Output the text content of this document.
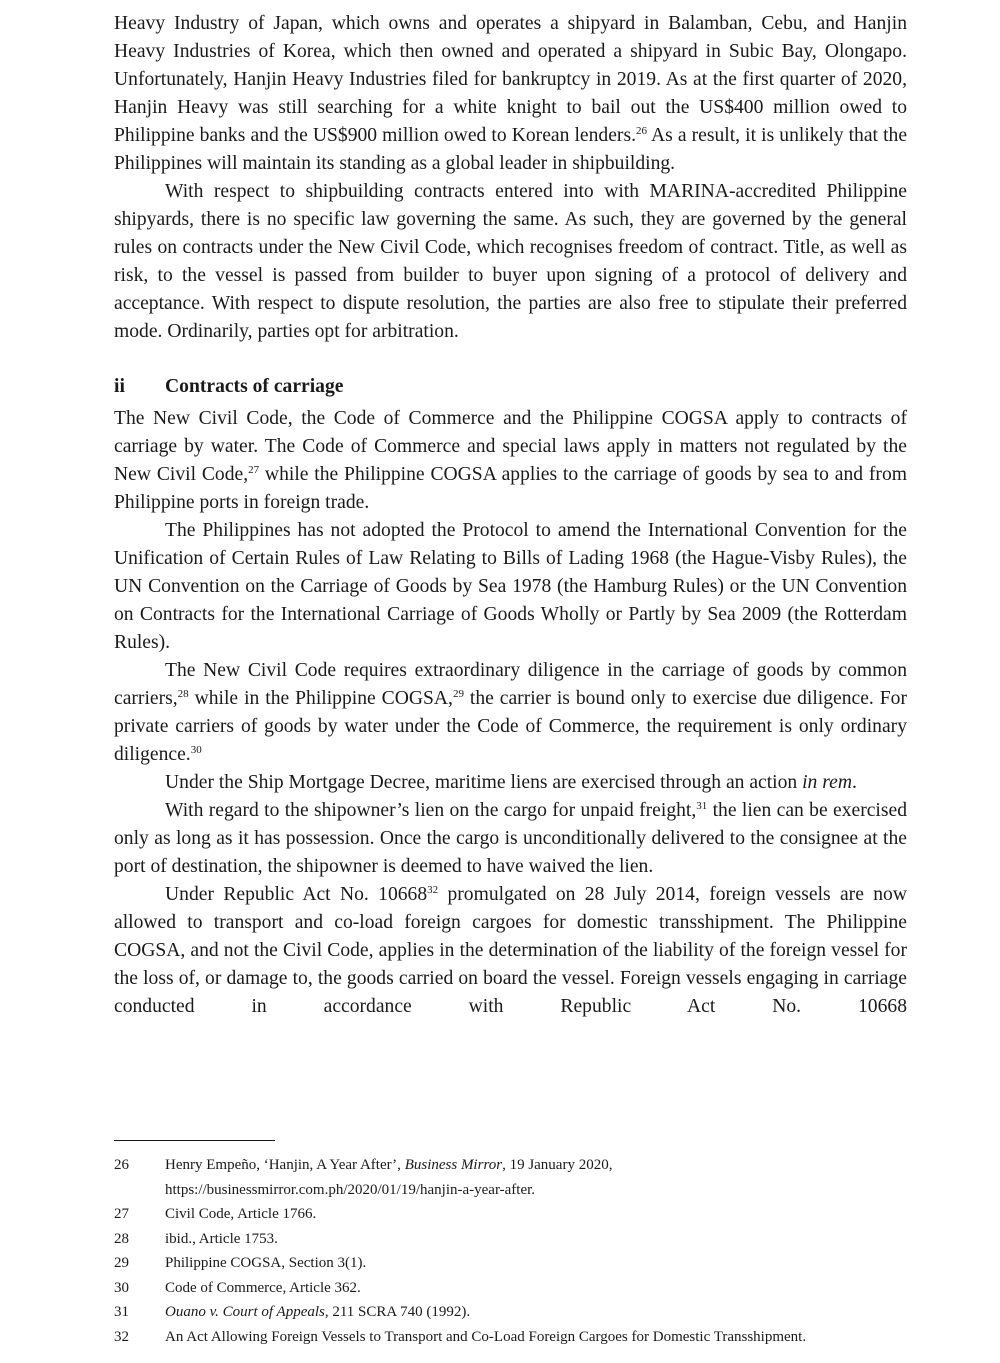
Heavy Industry of Japan, which owns and operates a shipyard in Balamban, Cebu, and Hanjin Heavy Industries of Korea, which then owned and operated a shipyard in Subic Bay, Olongapo. Unfortunately, Hanjin Heavy Industries filed for bankruptcy in 2019. As at the first quarter of 2020, Hanjin Heavy was still searching for a white knight to bail out the US$400 million owed to Philippine banks and the US$900 million owed to Korean lenders.$^{26}$ As a result, it is unlikely that the Philippines will maintain its standing as a global leader in shipbuilding.

With respect to shipbuilding contracts entered into with MARINA-accredited Philippine shipyards, there is no specific law governing the same. As such, they are governed by the general rules on contracts under the New Civil Code, which recognises freedom of contract. Title, as well as risk, to the vessel is passed from builder to buyer upon signing of a protocol of delivery and acceptance. With respect to dispute resolution, the parties are also free to stipulate their preferred mode. Ordinarily, parties opt for arbitration.

ii	Contracts of carriage

The New Civil Code, the Code of Commerce and the Philippine COGSA apply to contracts of carriage by water. The Code of Commerce and special laws apply in matters not regulated by the New Civil Code,$^{27}$ while the Philippine COGSA applies to the carriage of goods by sea to and from Philippine ports in foreign trade.

The Philippines has not adopted the Protocol to amend the International Convention for the Unification of Certain Rules of Law Relating to Bills of Lading 1968 (the Hague-Visby Rules), the UN Convention on the Carriage of Goods by Sea 1978 (the Hamburg Rules) or the UN Convention on Contracts for the International Carriage of Goods Wholly or Partly by Sea 2009 (the Rotterdam Rules).

The New Civil Code requires extraordinary diligence in the carriage of goods by common carriers,$^{28}$ while in the Philippine COGSA,$^{29}$ the carrier is bound only to exercise due diligence. For private carriers of goods by water under the Code of Commerce, the requirement is only ordinary diligence.$^{30}$

Under the Ship Mortgage Decree, maritime liens are exercised through an action in rem.

With regard to the shipowner’s lien on the cargo for unpaid freight,$^{31}$ the lien can be exercised only as long as it has possession. Once the cargo is unconditionally delivered to the consignee at the port of destination, the shipowner is deemed to have waived the lien.

Under Republic Act No. 10668$^{32}$ promulgated on 28 July 2014, foreign vessels are now allowed to transport and co-load foreign cargoes for domestic transshipment. The Philippine COGSA, and not the Civil Code, applies in the determination of the liability of the foreign vessel for the loss of, or damage to, the goods carried on board the vessel. Foreign vessels engaging in carriage conducted in accordance with Republic Act No. 10668

26	Henry Empeño, ‘Hanjin, A Year After’, Business Mirror, 19 January 2020, https://businessmirror.com.ph/2020/01/19/hanjin-a-year-after.
27	Civil Code, Article 1766.
28	ibid., Article 1753.
29	Philippine COGSA, Section 3(1).
30	Code of Commerce, Article 362.
31	Ouano v. Court of Appeals, 211 SCRA 740 (1992).
32	An Act Allowing Foreign Vessels to Transport and Co-Load Foreign Cargoes for Domestic Transshipment.
